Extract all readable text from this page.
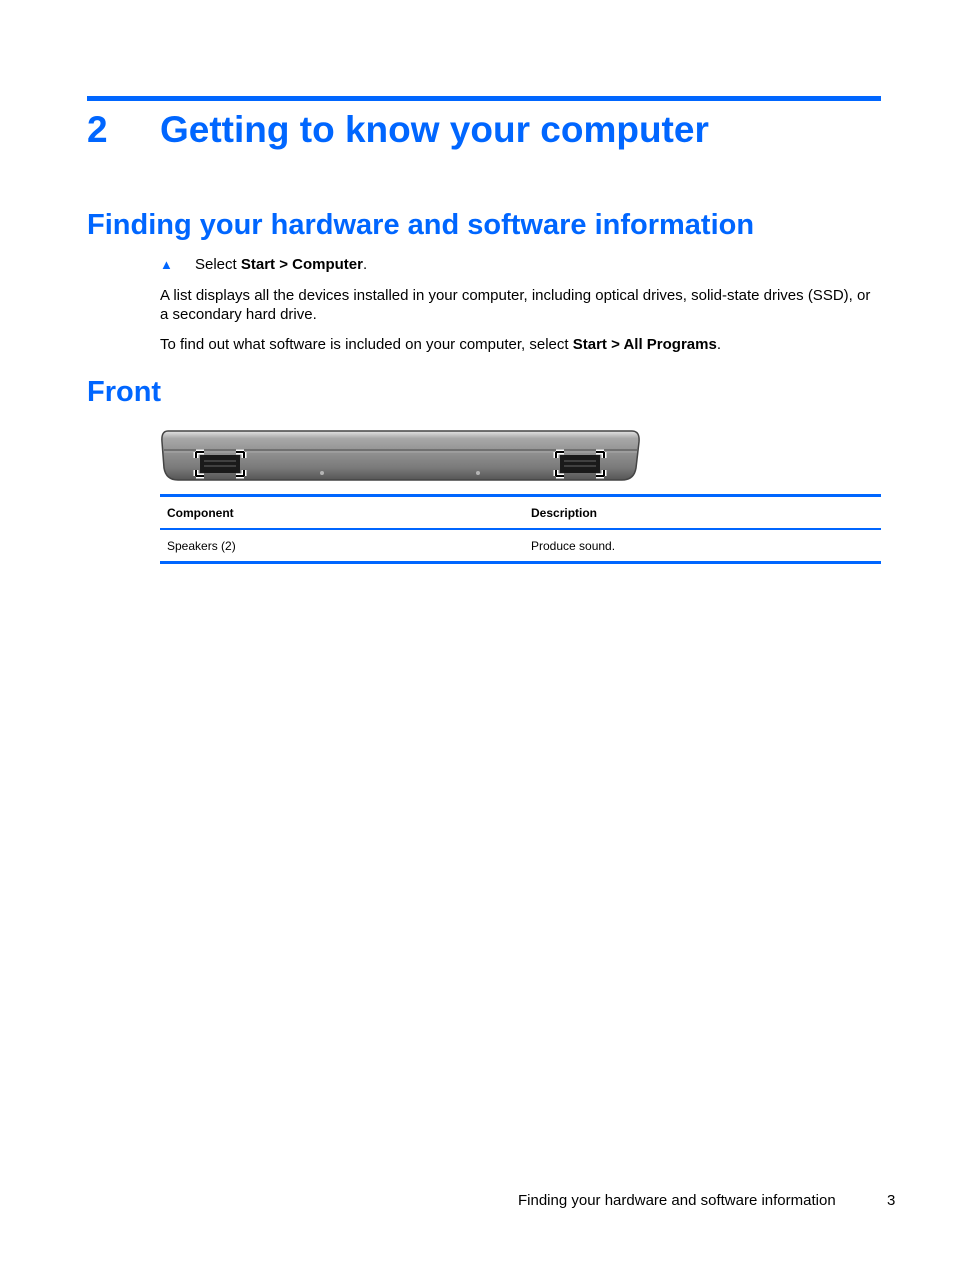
2 Getting to know your computer
Finding your hardware and software information
▲ Select Start > Computer.

A list displays all the devices installed in your computer, including optical drives, solid-state drives (SSD), or a secondary hard drive.

To find out what software is included on your computer, select Start > All Programs.

Front
Component	Description
Speakers (2)	Produce sound.
Finding your hardware and software information	3
